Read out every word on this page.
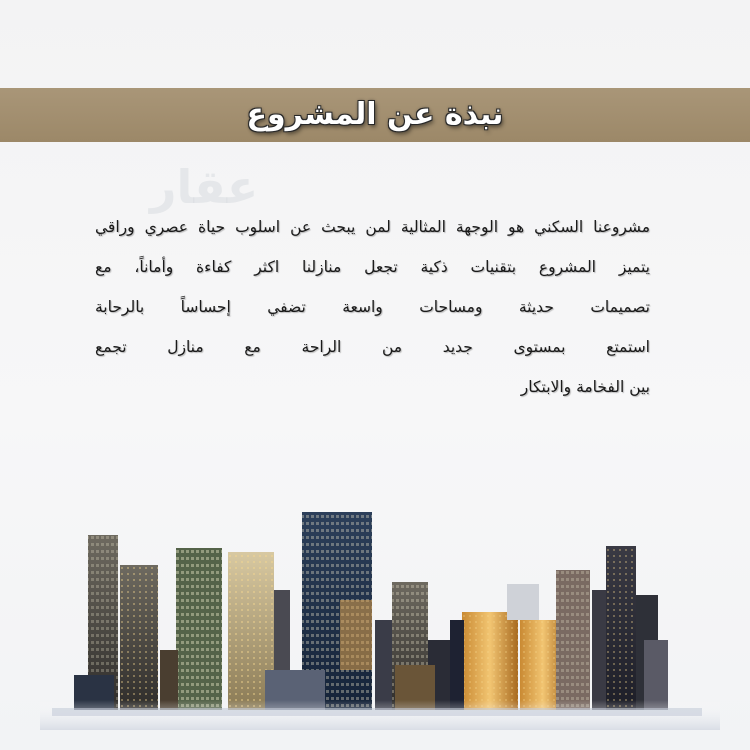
عقار
نبذة عن المشروع
مشروعنا السكني هو الوجهة المثالية لمن يبحث عن اسلوب حياة عصري وراقي
يتميز المشروع بتقنيات ذكية تجعل منازلنا اكثر كفاءة وأماناً، مع
تصميمات حديثة ومساحات واسعة تضفي إحساساً بالرحابة
استمتع بمستوى جديد من الراحة مع منازل تجمع
بين الفخامة والابتكار
